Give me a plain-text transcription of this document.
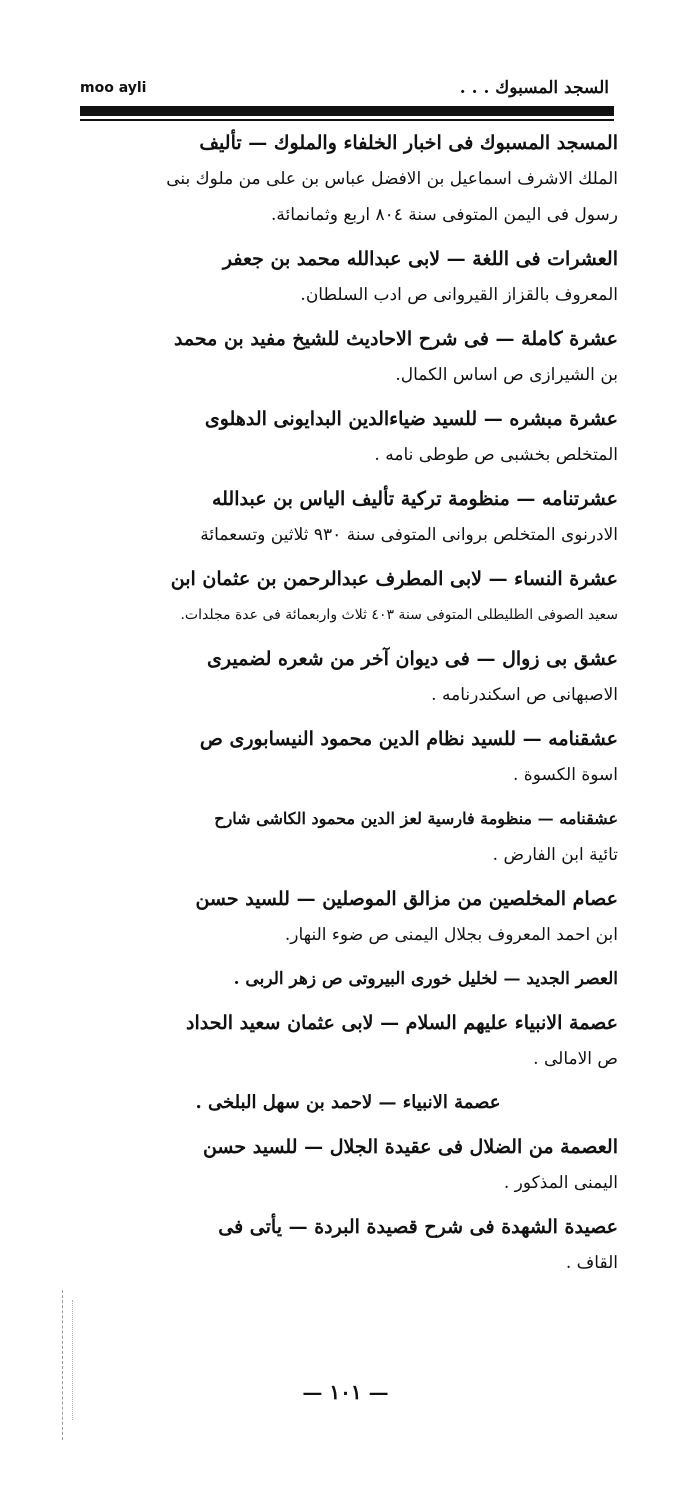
moo ayli	السجد المسبوك . . .
المسجد المسبوك فى اخبار الخلفاء والملوك — تأليف
الملك الاشرف اسماعيل بن الافضل عباس بن على من ملوك بنى
رسول فى اليمن المتوفى سنة ٨٠٤ اربع وثمانمائة.
العشرات فى اللغة — لابى عبدالله محمد بن جعفر
المعروف بالقزاز القيروانى ص ادب السلطان.
عشرة كاملة — فى شرح الاحاديث للشيخ مفيد بن محمد
بن الشيرازى ص اساس الكمال.
عشرة مبشره — للسيد ضياءالدين البدايونى الدهلوى
المتخلص بخشبى ص طوطى نامه .
عشرتنامه — منظومة تركية تأليف الياس بن عبدالله
الادرنوى المتخلص بروانى المتوفى سنة ٩٣٠ ثلاثين وتسعمائة
عشرة النساء — لابى المطرف عبدالرحمن بن عثمان ابن
سعيد الصوفى الطليطلى المتوفى سنة ٤٠٣ ثلاث واربعمائة فى عدة مجلدات.
عشق بى زوال — فى ديوان آخر من شعره لضميرى
الاصبهانى ص اسكندرنامه .
عشقنامه — للسيد نظام الدين محمود النيسابورى ص
اسوة الكسوة .
عشقنامه — منظومة فارسية لعز الدين محمود الكاشى شارح
تائية ابن الفارض .
عصام المخلصين من مزالق الموصلين — للسيد حسن
ابن احمد المعروف بجلال اليمنى ص ضوء النهار.
العصر الجديد — لخليل خورى البيروتى ص زهر الربى .
عصمة الانبياء عليهم السلام — لابى عثمان سعيد الحداد
ص الامالى .
عصمة الانبياء — لاحمد بن سهل البلخى .
العصمة من الضلال فى عقيدة الجلال — للسيد حسن
اليمنى المذكور .
عصيدة الشهدة فى شرح قصيدة البردة — يأتى فى
القاف .
— ١٠١ —
